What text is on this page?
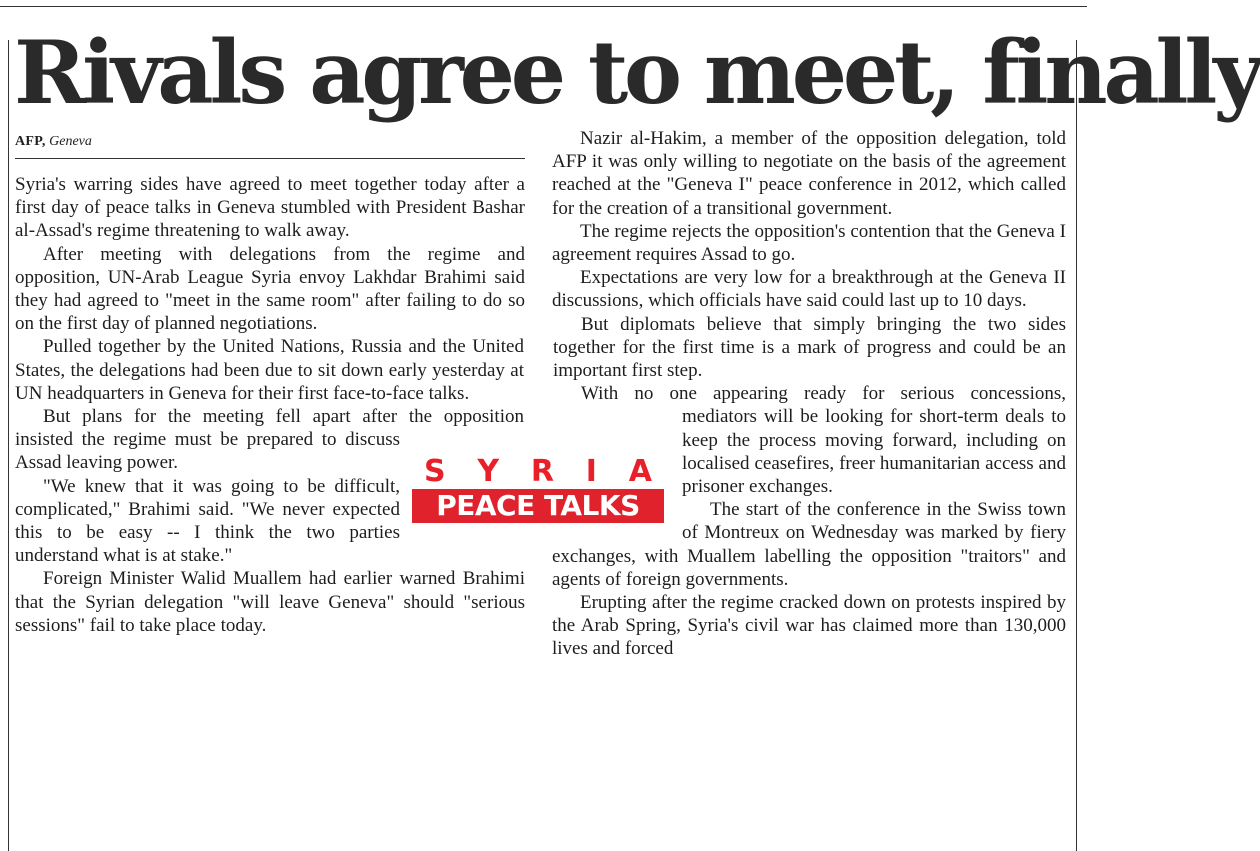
Rivals agree to meet, finally
AFP, Geneva

Syria's warring sides have agreed to meet together today after a first day of peace talks in Geneva stumbled with President Bashar al-Assad's regime threatening to walk away.

After meeting with delegations from the regime and opposition, UN-Arab League Syria envoy Lakhdar Brahimi said they had agreed to "meet in the same room" after failing to do so on the first day of planned negotiations.

Pulled together by the United Nations, Russia and the United States, the delegations had been due to sit down early yesterday at UN headquarters in Geneva for their first face-to-face talks.

But plans for the meeting fell apart after the opposition insisted the regime must be prepared to discuss Assad leaving power.

"We knew that it was going to be difficult, complicated," Brahimi said. "We never expected this to be easy -- I think the two parties understand what is at stake."

Foreign Minister Walid Muallem had earlier warned Brahimi that the Syrian delegation "will leave Geneva" should "serious sessions" fail to take place today.

Nazir al-Hakim, a member of the opposition delegation, told AFP it was only willing to negotiate on the basis of the agreement reached at the "Geneva I" peace conference in 2012, which called for the creation of a transitional government.

The regime rejects the opposition's contention that the Geneva I agreement requires Assad to go.

Expectations are very low for a breakthrough at the Geneva II discussions, which officials have said could last up to 10 days.

But diplomats believe that simply bringing the two sides together for the first time is a mark of progress and could be an important first step.

With no one appearing ready for serious concessions, mediators will be looking for short-term deals to keep the process moving forward, including on localised ceasefires, freer humanitarian access and prisoner exchanges.

The start of the conference in the Swiss town of Montreux on Wednesday was marked by fiery exchanges, with Muallem labelling the opposition "traitors" and agents of foreign governments.

Erupting after the regime cracked down on protests inspired by the Arab Spring, Syria's civil war has claimed more than 130,000 lives and forced

S Y R I A
PEACE TALKS
